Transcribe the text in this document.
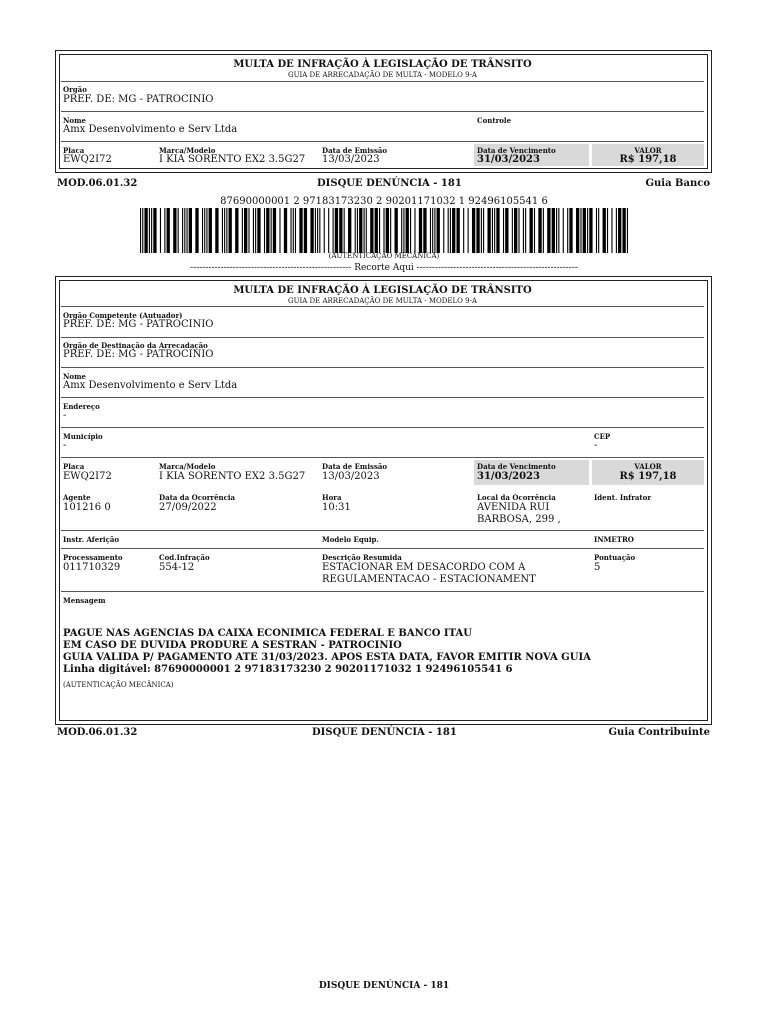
MULTA DE INFRAÇÃO À LEGISLAÇÃO DE TRÂNSITO
GUIA DE ARRECADAÇÃO DE MULTA - MODELO 9-A
Orgão
PREF. DE: MG - PATROCINIO
Nome
Amx Desenvolvimento e Serv Ltda
Controle
Placa
EWQ2I72
Marca/Modelo
I KIA SORENTO EX2 3.5G27
Data de Emissão
13/03/2023
Data de Vencimento
31/03/2023
VALOR
R$ 197,18
MOD.06.01.32	DISQUE DENÚNCIA - 181	Guia Banco
87690000001 2 97183173230 2 90201171032 1 92496105541 6
(AUTENTICAÇÃO MECÂNICA)
----------------------------------------------------- Recorte Aqui -----------------------------------------------------
MULTA DE INFRAÇÃO À LEGISLAÇÃO DE TRÂNSITO
GUIA DE ARRECADAÇÃO DE MULTA - MODELO 9-A
Orgão Competente (Autuador)
PREF. DE: MG - PATROCINIO
Orgão de Destinação da Arrecadação
PREF. DE: MG - PATROCINIO
Nome
Amx Desenvolvimento e Serv Ltda
Endereço
-
Município
-
CEP
-
Placa
EWQ2I72
Marca/Modelo
I KIA SORENTO EX2 3.5G27
Data de Emissão
13/03/2023
Data de Vencimento
31/03/2023
VALOR
R$ 197,18
Agente
101216 0
Data da Ocorrência
27/09/2022
Hora
10:31
Local da Ocorrência
AVENIDA RUI
BARBOSA, 299 ,
Ident. Infrator
Instr. Aferição	Modelo Equip.	INMETRO
Processamento
011710329
Cod.Infração
554-12
Descrição Resumida
ESTACIONAR EM DESACORDO COM A
REGULAMENTACAO - ESTACIONAMENT
Pontuação
5
Mensagem
PAGUE NAS AGENCIAS DA CAIXA ECONIMICA FEDERAL E BANCO ITAU
EM CASO DE DUVIDA PRODURE A SESTRAN - PATROCINIO
GUIA VALIDA P/ PAGAMENTO ATE 31/03/2023. APOS ESTA DATA, FAVOR EMITIR NOVA GUIA
Linha digitável: 87690000001 2 97183173230 2 90201171032 1 92496105541 6
(AUTENTICAÇÃO MECÂNICA)
MOD.06.01.32	DISQUE DENÚNCIA - 181	Guia Contribuinte
DISQUE DENÚNCIA - 181
